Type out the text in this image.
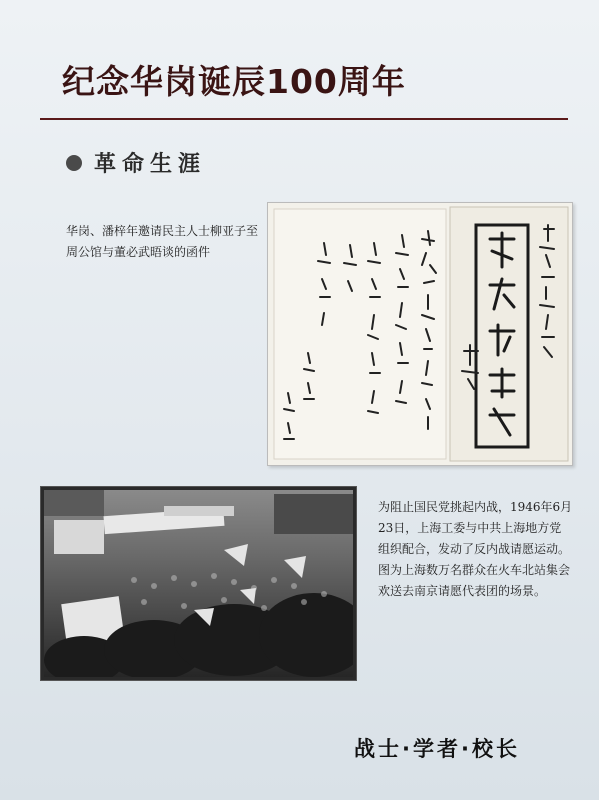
纪念华岗诞辰100周年
革命生涯
华岗、潘梓年邀请民主人士柳亚子至周公馆与董必武晤谈的函件
为阻止国民党挑起内战，1946年6月23日，上海工委与中共上海地方党组织配合，发动了反内战请愿运动。图为上海数万名群众在火车北站集会欢送去南京请愿代表团的场景。
战士·学者·校长
